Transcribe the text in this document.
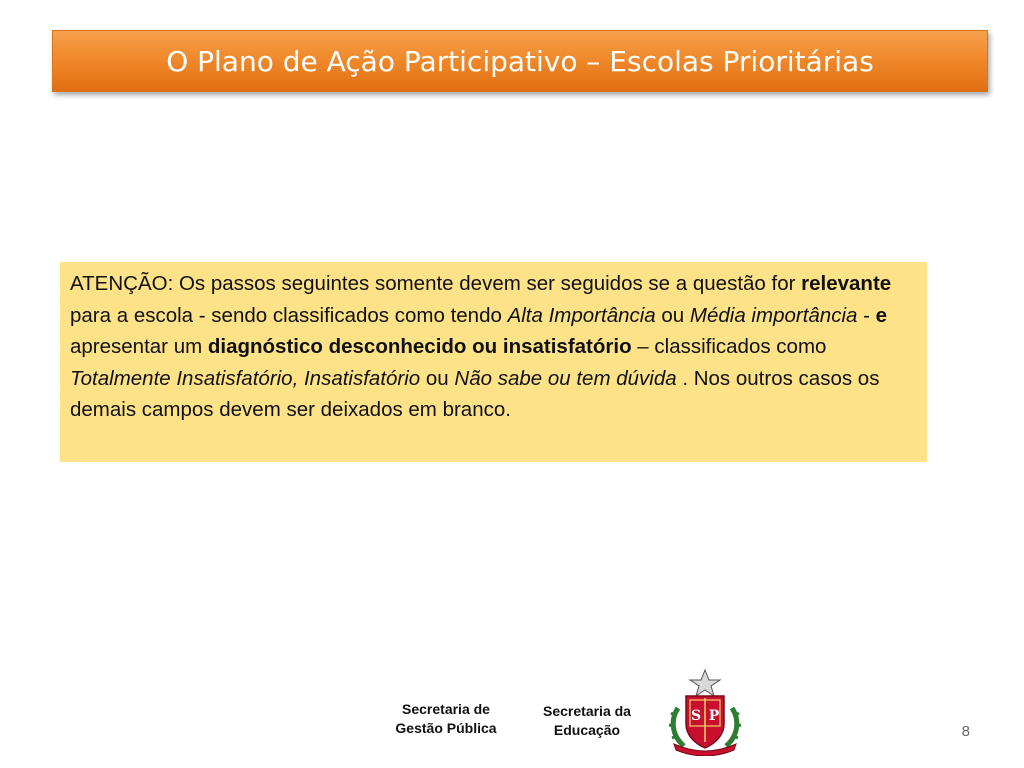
O Plano de Ação Participativo – Escolas Prioritárias

ATENÇÃO: Os passos seguintes somente devem ser seguidos se a questão for relevante para a escola - sendo classificados como tendo Alta Importância ou Média importância - e apresentar um diagnóstico desconhecido ou insatisfatório – classificados como Totalmente Insatisfatório, Insatisfatório ou Não sabe ou tem dúvida . Nos outros casos os demais campos devem ser deixados em branco.

Secretaria de
Gestão Pública
Secretaria da
Educação
S P
8
